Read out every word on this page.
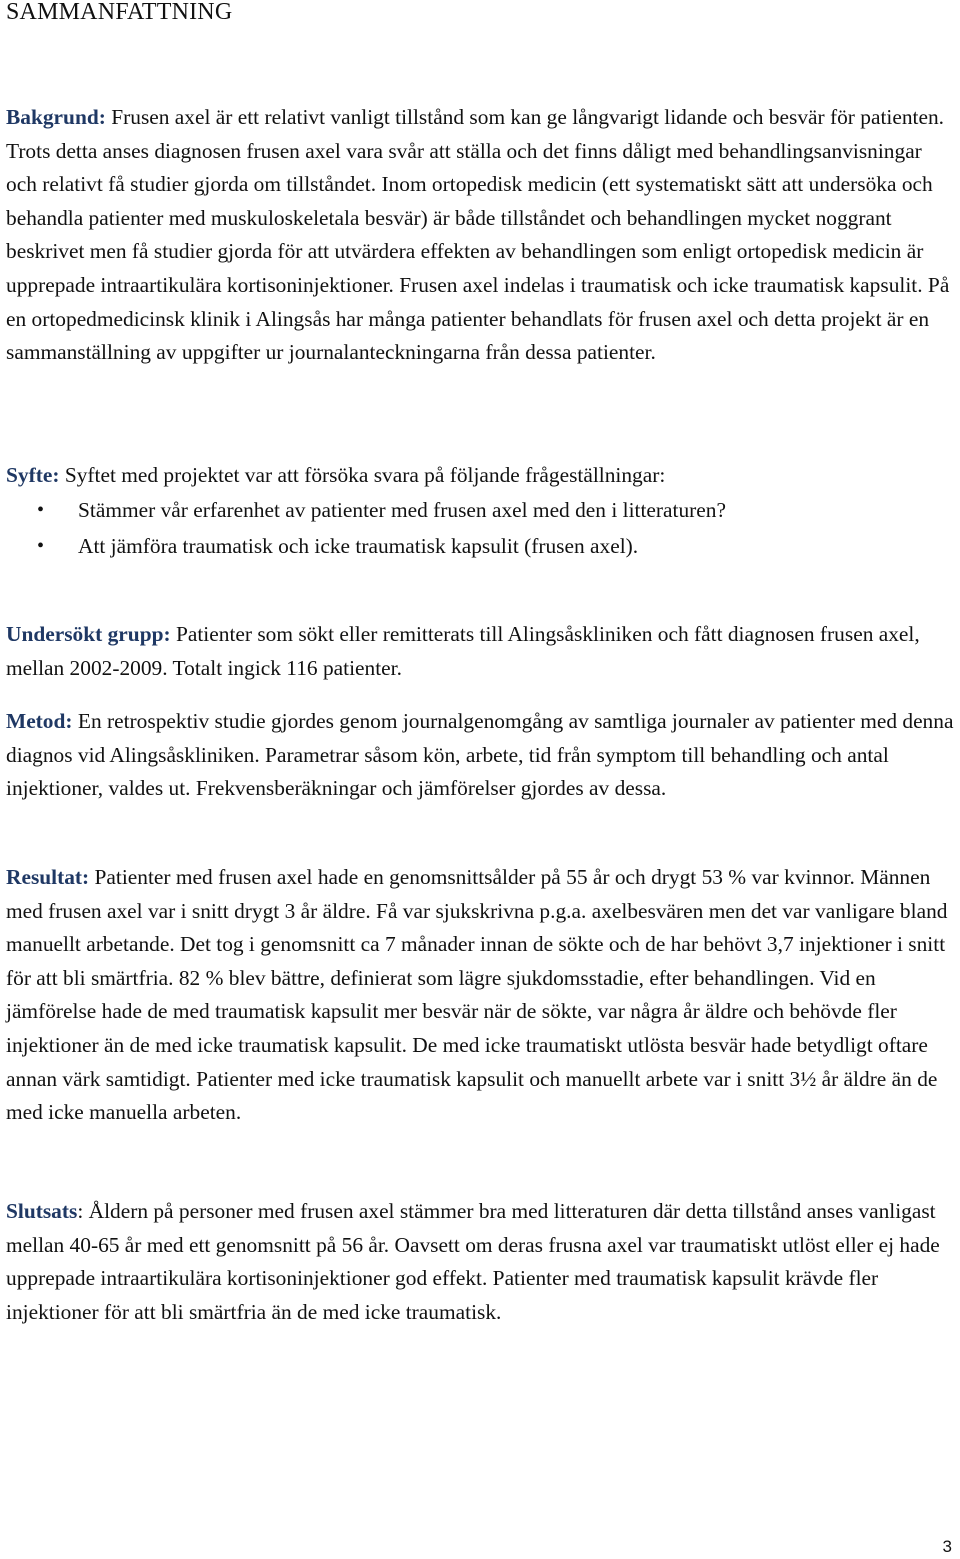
SAMMANFATTNING

Bakgrund: Frusen axel är ett relativt vanligt tillstånd som kan ge långvarigt lidande och besvär för patienten. Trots detta anses diagnosen frusen axel vara svår att ställa och det finns dåligt med behandlingsanvisningar och relativt få studier gjorda om tillståndet. Inom ortopedisk medicin (ett systematiskt sätt att undersöka och behandla patienter med muskuloskeletala besvär) är både tillståndet och behandlingen mycket noggrant beskrivet men få studier gjorda för att utvärdera effekten av behandlingen som enligt ortopedisk medicin är upprepade intraartikulära kortisoninjektioner. Frusen axel indelas i traumatisk och icke traumatisk kapsulit. På en ortopedmedicinsk klinik i Alingsås har många patienter behandlats för frusen axel och detta projekt är en sammanställning av uppgifter ur journalanteckningarna från dessa patienter.

Syfte: Syftet med projektet var att försöka svara på följande frågeställningar:

• Stämmer vår erfarenhet av patienter med frusen axel med den i litteraturen?
• Att jämföra traumatisk och icke traumatisk kapsulit (frusen axel).

Undersökt grupp: Patienter som sökt eller remitterats till Alingsåskliniken och fått diagnosen frusen axel, mellan 2002-2009. Totalt ingick 116 patienter.

Metod: En retrospektiv studie gjordes genom journalgenomgång av samtliga journaler av patienter med denna diagnos vid Alingsåskliniken. Parametrar såsom kön, arbete, tid från symptom till behandling och antal injektioner, valdes ut. Frekvensberäkningar och jämförelser gjordes av dessa.

Resultat: Patienter med frusen axel hade en genomsnittsålder på 55 år och drygt 53 % var kvinnor. Männen med frusen axel var i snitt drygt 3 år äldre. Få var sjukskrivna p.g.a. axelbesvären men det var vanligare bland manuellt arbetande. Det tog i genomsnitt ca 7 månader innan de sökte och de har behövt 3,7 injektioner i snitt för att bli smärtfria. 82 % blev bättre, definierat som lägre sjukdomsstadie, efter behandlingen. Vid en jämförelse hade de med traumatisk kapsulit mer besvär när de sökte, var några år äldre och behövde fler injektioner än de med icke traumatisk kapsulit. De med icke traumatiskt utlösta besvär hade betydligt oftare annan värk samtidigt. Patienter med icke traumatisk kapsulit och manuellt arbete var i snitt 3½ år äldre än de med icke manuella arbeten.

Slutsats: Åldern på personer med frusen axel stämmer bra med litteraturen där detta tillstånd anses vanligast mellan 40-65 år med ett genomsnitt på 56 år. Oavsett om deras frusna axel var traumatiskt utlöst eller ej hade upprepade intraartikulära kortisoninjektioner god effekt. Patienter med traumatisk kapsulit krävde fler injektioner för att bli smärtfria än de med icke traumatisk.

3
